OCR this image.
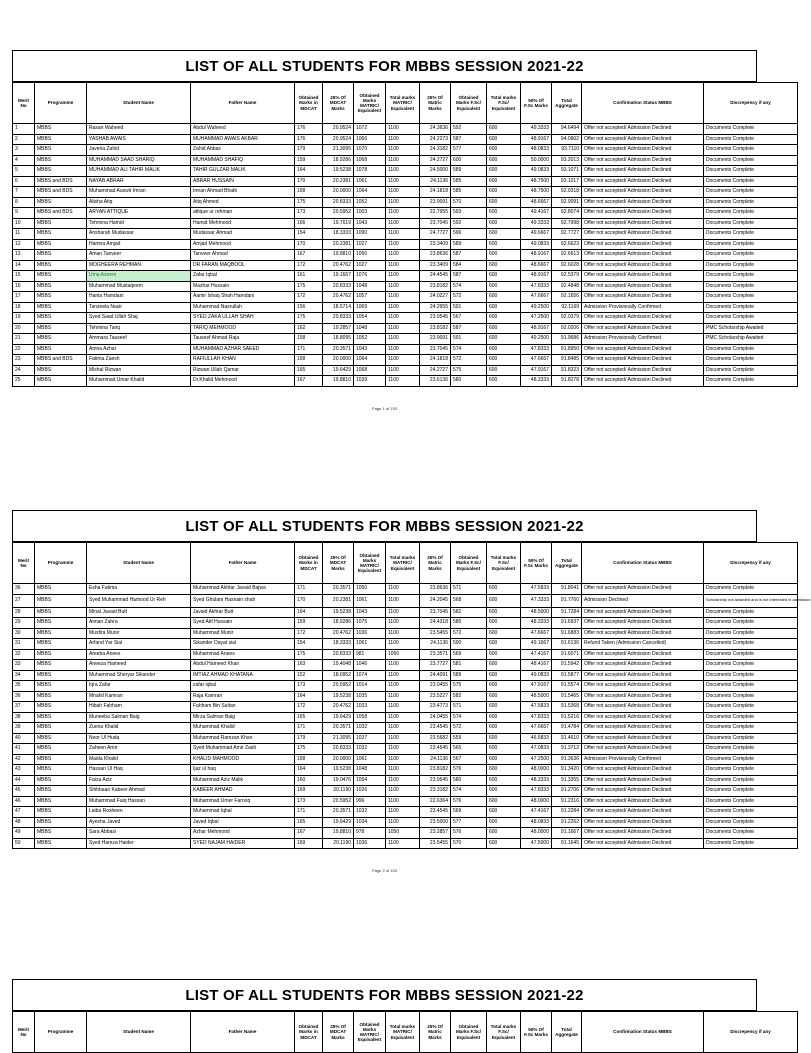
LIST OF ALL STUDENTS FOR MBBS SESSION 2021-22
Merit No	Programme	Student Name	Father Name	Obtained Marks in MDCAT	25% Of MDCAT Marks	Obtained Marks MATRIC/ Equivalent	Total marks MATRIC/ Equivalent	25% Of Matric Marks	Obtained Marks F.Sc/ Equivalent	Total marks F.Sc/ Equivalent	50% Of F.Sc Marks	Total Aggregate	Confirmation Status MBBS	Discrepency if any
1	MBBS	Rasan Waheed	Abdul Waheed	176	20.9524	1072	1100	24.3636	592	600	49.3333	94.6494	Offer not accepted/ Admission Declined	Documents Complete
2	MBBS	YASHAB AWAIS	MUHAMMAD AWAIS AKBAR	176	20.9524	1066	1100	24.2273	587	600	48.9167	94.0962	Offer not accepted/ Admission Declined	Documents Complete
3	MBBS	Javeria Zahid	Zahid Abbas	179	21.3095	1070	1100	24.3182	577	600	48.0833	93.7110	Offer not accepted/ Admission Declined	Documents Complete
4	MBBS	MUHAMMAD SAAD SHARIQ	MUHAMMAD SHAFIQ	159	18.9286	1068	1100	24.2727	600	600	50.0000	93.2013	Offer not accepted/ Admission Declined	Documents Complete
5	MBBS	MUHAMMAD ALI TAHIR MALIK	TAHIR GULZAR MALIK	164	19.5238	1078	1100	24.5000	589	600	49.0833	93.1071	Offer not accepted/ Admission Declined	Documents Complete
6	MBBS and BDS	NAYAB ABRAR	ABRAR HUSSAIN	170	20.2381	1061	1100	24.1136	585	600	48.7500	93.1017	Offer not accepted/ Admission Declined	Documents Complete
7	MBBS and BDS	Muhammad Auswir Imran	Imran Ahmad Bhatti	168	20.0000	1064	1100	24.1818	585	600	48.7500	92.9318	Offer not accepted/ Admission Declined	Documents Complete
8	MBBS	Alisha Atiq	Atiq Ahmed	175	20.8333	1052	1100	23.9091	570	600	48.6667	92.9091	Offer not accepted/ Admission Declined	Documents Complete
9	MBBS and BDS	ARYAN ATTIQUE	attique ur rehman	173	20.5952	1003	1100	22.7955	593	600	49.4167	92.8074	Offer not accepted/ Admission Declined	Documents Complete
10	MBBS	Tehmina Hamid	Hamid Mehmood	166	19.7619	1043	1100	23.7045	592	600	49.3333	92.7998	Offer not accepted/ Admission Declined	Documents Complete
11	MBBS	Ansharah Mudassar	Mudassar Ahmad	154	18.3333	1090	1100	24.7727	596	600	49.6667	92.7727	Offer not accepted/ Admission Declined	Documents Complete
12	MBBS	Hamna Amjad	Amjad Mehmood	170	20.2381	1027	1100	23.3409	589	600	49.0833	92.6623	Offer not accepted/ Admission Declined	Documents Complete
13	MBBS	Aman Tanveer	Tanveer Ahmad	167	19.8810	1050	1100	23.8636	587	600	48.9167	92.6613	Offer not accepted/ Admission Declined	Documents Complete
14	MBBS	MOGHEERA REHMAN	DR FARAN MAQBOOL	172	20.4762	1027	1100	23.3409	584	600	48.6667	92.6028	Offer not accepted/ Admission Declined	Documents Complete
15	MBBS	Uma Azeem	Zafar Iqbal	161	19.1667	1076	1100	24.4545	587	600	48.9167	92.5379	Offer not accepted/ Admission Declined	Documents Complete
16	MBBS	Muhammad Mustaqeem	Mazhar Hussain	175	20.8333	1048	1100	23.8182	574	600	47.8333	92.4848	Offer not accepted/ Admission Declined	Documents Complete
17	MBBS	Hania Hamdani	Aamir Ishaq Shah Hamdani	172	20.4762	1057	1100	24.0227	572	600	47.6667	92.1656	Offer not accepted/ Admission Declined	Documents Complete
18	MBBS	Tanzeela Nasir	Muhammad Nasrullah	156	18.5714	1069	1100	24.2955	591	600	49.2500	92.1169	Admission Provisionally Confirmed	Documents Complete
19	MBBS	Syed Saad Ullah Shaj	SYED ZAKA ULLAH SHAH	175	20.8333	1054	1100	23.9545	567	600	47.2500	92.0379	Offer not accepted/ Admission Declined	Documents Complete
20	MBBS	Tehmina Tariq	TARIQ MEHMOOD	162	19.2857	1048	1100	23.8182	587	600	48.9167	92.0206	Offer not accepted/ Admission Declined	PMC Scholarship Awaited
21	MBBS	Ammara Tauseef	Tauseef Ahmad Raja	158	18.8095	1052	1100	23.9091	591	600	49.2500	91.9686	Admission Provisionally Confirmed	PMC Scholarship Awaited
22	MBBS	Amna Azhar	MUHAMMAD AZHAR SAEED	171	20.3571	1043	1100	23.7045	574	600	47.8333	91.8950	Offer not accepted/ Admission Declined	Documents Complete
23	MBBS and BDS	Fatima Zaesh	RAFIULLAH KHAN	168	20.0000	1064	1100	24.1818	572	600	47.6667	91.8485	Offer not accepted/ Admission Declined	Documents Complete
24	MBBS	Mishal Rizwan	Rizwan Ullah Qamar	165	19.6429	1068	1100	24.2727	575	600	47.9167	91.8323	Offer not accepted/ Admission Declined	Documents Complete
25	MBBS	Muhammad Umar Khalid	Dr.Khalid Mehmood	167	19.8810	1039	1100	23.6136	580	600	48.3333	91.8278	Offer not accepted/ Admission Declined	Documents Complete
Page 1 of 153
LIST OF ALL STUDENTS FOR MBBS SESSION 2021-22
Merit No	Programme	Student Name	Father Name	Obtained Marks in MDCAT	25% Of MDCAT Marks	Obtained Marks MATRIC/ Equivalent	Total marks MATRIC/ Equivalent	25% Of Matric Marks	Obtained Marks F.Sc/ Equivalent	Total marks F.Sc/ Equivalent	50% Of F.Sc Marks	Total Aggregate	Confirmation Status MBBS	Discrepency if any
36	MBBS	Esha Fatima	Muhammad Akhtar Javaid Bajwa	171	20.3571	1050	1100	23.8636	571	600	47.5833	91.8041	Offer not accepted/ Admission Declined	Documents Complete
27	MBBS	Syed Muhammad Hamood Ur Reh	Syed Ghulam Hasnain shah	170	20.2381	1061	1100	24.2045	568	600	47.3333	91.7760	Admission Declined	Scholarship not awarded and is not interested in admission
28	MBBS	Minal Javaid Butt	Javaid Akhtar Butt	164	19.5238	1043	1100	23.7045	582	600	48.5000	91.7284	Offer not accepted/ Admission Declined	Documents Complete
29	MBBS	Aiman Zahra	Syed Atif Hussain	159	18.9286	1075	1100	24.4318	580	600	48.3333	91.6937	Offer not accepted/ Admission Declined	Documents Complete
30	MBBS	Musfira Munir	Muhammad Munir	172	20.4762	1036	1100	23.5455	572	600	47.6667	91.6883	Offer not accepted/ Admission Declined	Documents Complete
31	MBBS	Arfand Yar Sial	Sikander Dayat sial	154	18.3333	1061	1100	24.1136	590	600	49.1667	91.6136	Refund Taken (Admission Cancelled)	Documents Complete
32	MBBS	Areeba Anees	Muhammad Anees	175	20.8333	981	1050	23.3571	569	600	47.4167	91.6071	Offer not accepted/ Admission Declined	Documents Complete
33	MBBS	Aneeza Hameed	Abdul Hameed Khan	163	19.4048	1046	1100	23.7727	581	600	48.4167	91.5942	Offer not accepted/ Admission Declined	Documents Complete
34	MBBS	Muhammad Sheryar Sikander	IMTIAZ AHMAD KHATANA	152	18.0952	1074	1100	24.4091	589	600	49.0833	91.5877	Offer not accepted/ Admission Declined	Documents Complete
35	MBBS	Iqra Zafar	zafar iqbal	173	20.5952	1014	1100	23.0455	575	600	47.9167	91.5574	Offer not accepted/ Admission Declined	Documents Complete
36	MBBS	Mnahil Kamran	Raja Kamran	164	19.5238	1035	1100	23.5227	582	600	48.5000	91.5465	Offer not accepted/ Admission Declined	Documents Complete
37	MBBS	Hibah Fahham	Fahham Bin Sultan	172	20.4762	1033	1100	23.4773	571	600	47.5833	91.5368	Offer not accepted/ Admission Declined	Documents Complete
38	MBBS	Muneeba Salman Baig	Mirza Salman Baig	165	19.6429	1058	1100	24.0455	574	600	47.8333	91.5216	Offer not accepted/ Admission Declined	Documents Complete
39	MBBS	Zuena Khalid	Muhammad Khalid	171	20.3571	1032	1100	23.4545	572	600	47.6667	91.4784	Offer not accepted/ Admission Declined	Documents Complete
40	MBBS	Noor Ul Huda	Muhammad Ramzan Khan	179	21.3095	1037	1100	23.5682	559	600	46.5833	91.4610	Offer not accepted/ Admission Declined	Documents Complete
41	MBBS	Zaheen Amir	Syed Muhammad Amir Zaidi	175	20.8333	1032	1100	23.4545	565	600	47.0833	91.3712	Offer not accepted/ Admission Declined	Documents Complete
42	MBBS	Maida Khalid	KHALID MAHMOOD	168	20.0000	1061	1100	24.1136	567	600	47.2500	91.3636	Admission Provisionally Confirmed	Documents Complete
43	MBBS	Hassan Ul Haq	Ijaz ul haq	164	19.5238	1048	1100	23.8182	576	600	48.0000	91.3420	Offer not accepted/ Admission Declined	Documents Complete
44	MBBS	Faiza Aziz	Muhammad Aziz Malik	160	19.0476	1054	1100	23.9545	580	600	48.3333	91.3355	Offer not accepted/ Admission Declined	Documents Complete
45	MBBS	Shihbaan Kabeer Ahmad	KABEER AHMAD	169	20.1190	1026	1100	23.3182	574	600	47.8333	91.2706	Offer not accepted/ Admission Declined	Documents Complete
46	MBBS	Muhammad Faiq Hassan	Muhammad Umer Farooq	173	20.5952	996	1100	22.6364	576	600	48.0000	91.2316	Offer not accepted/ Admission Declined	Documents Complete
47	MBBS	Laiba Rosheen	Muhammad Iqbal	171	20.3571	1032	1100	23.4545	569	600	47.4167	91.2284	Offer not accepted/ Admission Declined	Documents Complete
48	MBBS	Ayesha Javed	Javed Iqbal	165	19.6429	1034	1100	23.5000	577	600	48.0833	91.2262	Offer not accepted/ Admission Declined	Documents Complete
49	MBBS	Sara Abbasi	Azhar Mehmood	167	19.8810	978	1050	23.2857	576	600	48.0000	91.1667	Offer not accepted/ Admission Declined	Documents Complete
50	MBBS	Syed Hamza Haider	SYED NAJAM HAIDER	169	20.1190	1036	1100	23.5455	570	600	47.5000	91.1645	Offer not accepted/ Admission Declined	Documents Complete
Page 2 of 153
LIST OF ALL STUDENTS FOR MBBS SESSION 2021-22
Merit No	Programme	Student Name	Father Name	Obtained Marks in MDCAT	25% Of MDCAT Marks	Obtained Marks MATRIC/ Equivalent	Total marks MATRIC/ Equivalent	25% Of Matric Marks	Obtained Marks F.Sc/ Equivalent	Total marks F.Sc/ Equivalent	50% Of F.Sc Marks	Total Aggregate	Confirmation Status MBBS	Discrepency if any
